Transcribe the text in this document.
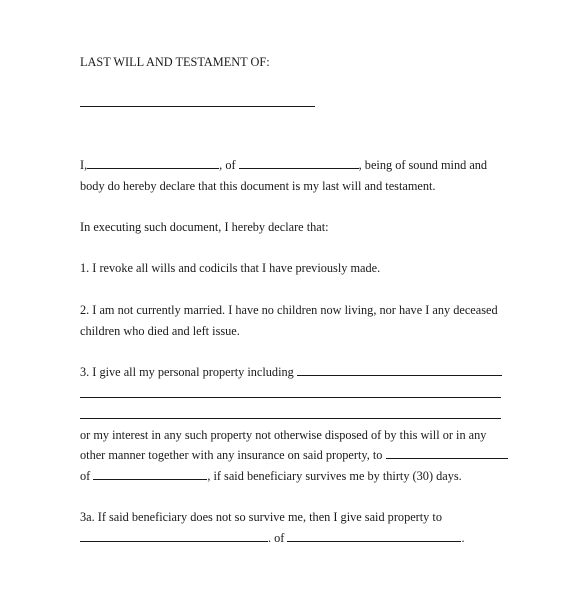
LAST WILL AND TESTAMENT OF:
I,	, of	, being of sound mind and
body do hereby declare that this document is my last will and testament.
In executing such document, I hereby declare that:
1. I revoke all wills and codicils that I have previously made.
2. I am not currently married. I have no children now living, nor have I any deceased
children who died and left issue.
3. I give all my personal property including
or my interest in any such property not otherwise disposed of by this will or in any
other manner together with any insurance on said property, to
of	, if said beneficiary survives me by thirty (30) days.
3a. If said beneficiary does not so survive me, then I give said property to
. of	.
